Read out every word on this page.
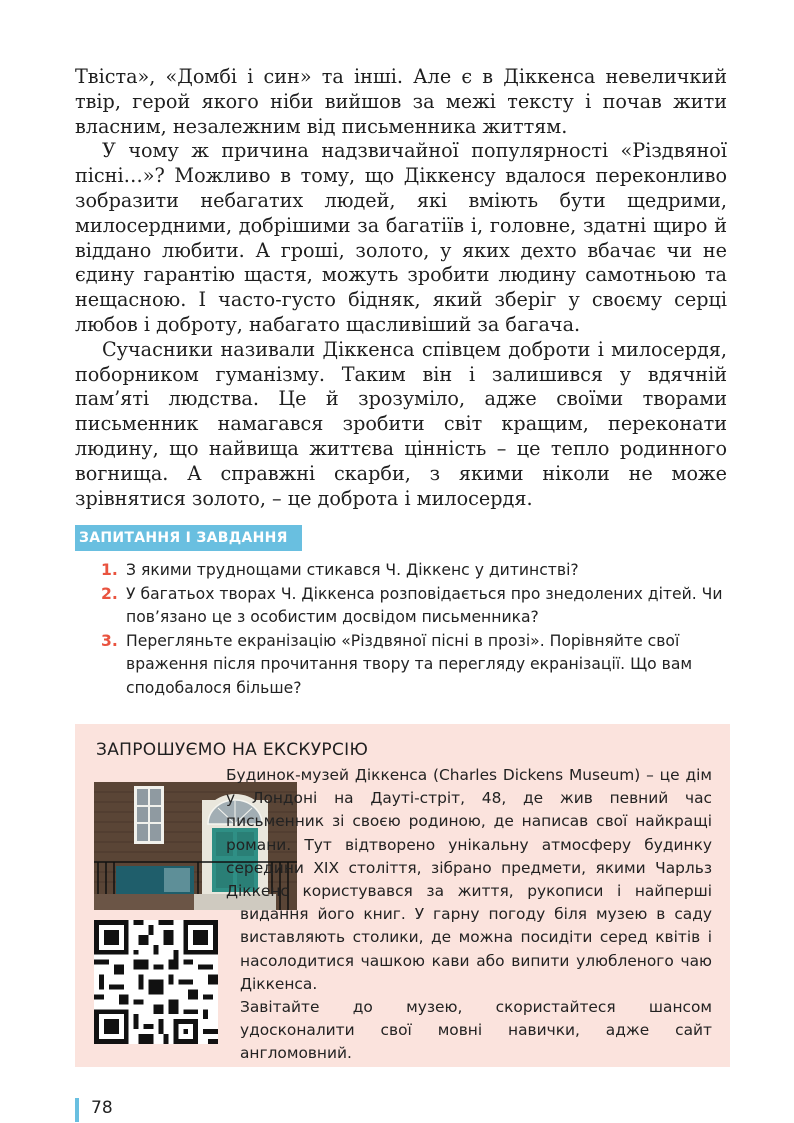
Твіста», «Домбі і син» та інші. Але є в Діккенса невеличкий твір, герой якого ніби вийшов за межі тексту і почав жити власним, незалежним від письменника життям.

У чому ж причина надзвичайної популярності «Різдвяної пісні…»? Можливо в тому, що Діккенсу вдалося переконливо зобразити небагатих людей, які вміють бути щедрими, милосердними, добрішими за багатіїв і, головне, здатні щиро й віддано любити. А гроші, золото, у яких дехто вбачає чи не єдину гарантію щастя, можуть зробити людину самотньою та нещасною. І часто-густо бідняк, який зберіг у своєму серці любов і доброту, набагато щасливіший за багача.

Сучасники називали Діккенса співцем доброти і милосердя, поборником гуманізму. Таким він і залишився у вдячній пам’яті людства. Це й зрозуміло, адже своїми творами письменник намагався зробити світ кращим, переконати людину, що найвища життєва цінність – це тепло родинного вогнища. А справжні скарби, з якими ніколи не може зрівнятися золото, – це доброта і милосердя.

ЗАПИТАННЯ І ЗАВДАННЯ
1. З якими труднощами стикався Ч. Діккенс у дитинстві?
2. У багатьох творах Ч. Діккенса розповідається про знедолених дітей. Чи пов’язано це з особистим досвідом письменника?
3. Перегляньте екранізацію «Різдвяної пісні в прозі». Порівняйте свої враження після прочитання твору та перегляду екранізації. Що вам сподобалося більше?
ЗАПРОШУЄМО НА ЕКСКУРСІЮ

Будинок-музей Діккенса (Charles Dickens Museum) – це дім у Лондоні на Дауті-стріт, 48, де жив певний час письменник зі своєю родиною, де написав свої найкращі романи. Тут відтворено унікальну атмосферу будинку середини XIX століття, зібрано предмети, якими Чарльз Діккенс користувався за життя, рукописи і найперші видання його книг. У гарну погоду біля музею в саду виставляють столики, де можна посидіти серед квітів і насолодитися чашкою кави або випити улюбленого чаю Діккенса.

Завітайте до музею, скористайтеся шансом удосконалити свої мовні навички, адже сайт англомовний.

78
